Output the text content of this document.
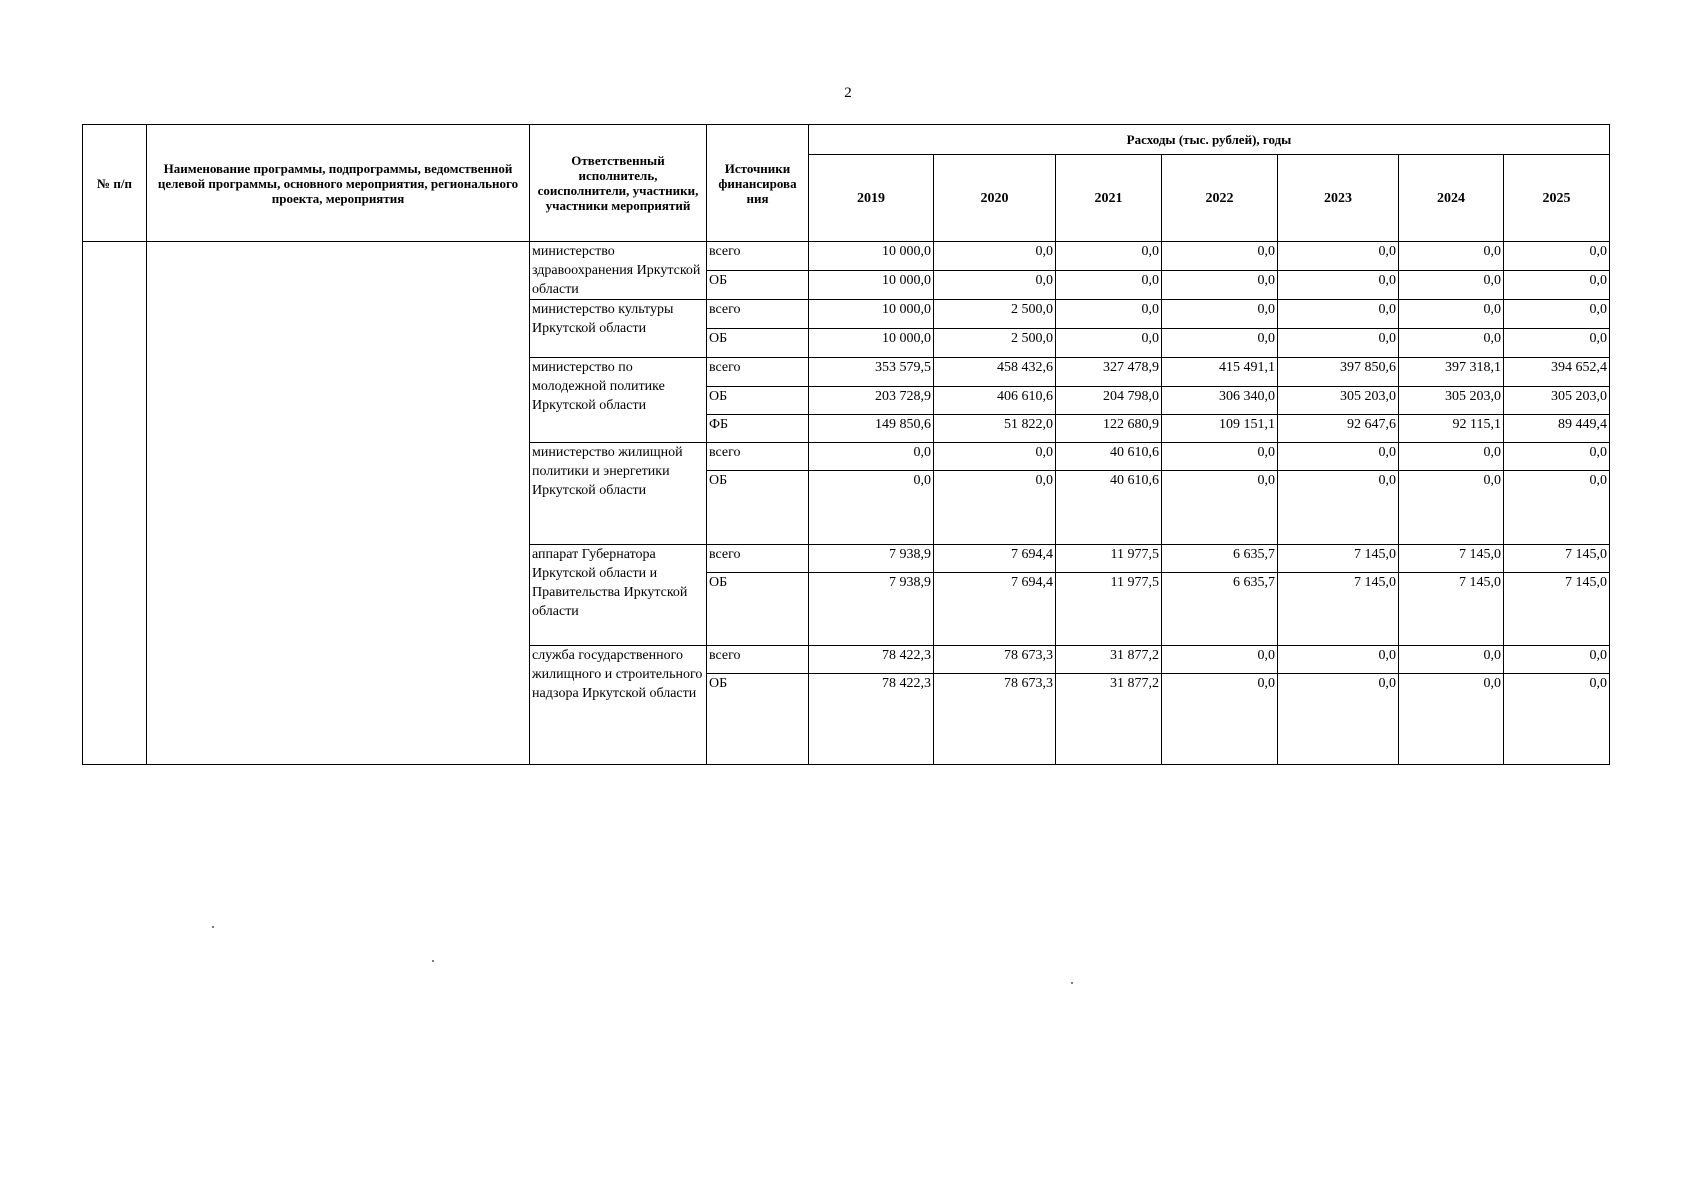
2
№ п/п	Наименование программы, подпрограммы, ведомственной целевой программы, основного мероприятия, регионального проекта, мероприятия	Ответственный исполнитель, соисполнители, участники, участники мероприятий	Источники финансирова ния	Расходы (тыс. рублей), годы						
				2019	2020	2021	2022	2023	2024	2025
		министерство здравоохранения Иркутской области	всего	10 000,0	0,0	0,0	0,0	0,0	0,0	0,0
			ОБ	10 000,0	0,0	0,0	0,0	0,0	0,0	0,0
		министерство культуры Иркутской области	всего	10 000,0	2 500,0	0,0	0,0	0,0	0,0	0,0
			ОБ	10 000,0	2 500,0	0,0	0,0	0,0	0,0	0,0
		министерство по молодежной политике Иркутской области	всего	353 579,5	458 432,6	327 478,9	415 491,1	397 850,6	397 318,1	394 652,4
			ОБ	203 728,9	406 610,6	204 798,0	306 340,0	305 203,0	305 203,0	305 203,0
			ФБ	149 850,6	51 822,0	122 680,9	109 151,1	92 647,6	92 115,1	89 449,4
		министерство жилищной политики и энергетики Иркутской области	всего	0,0	0,0	40 610,6	0,0	0,0	0,0	0,0
			ОБ	0,0	0,0	40 610,6	0,0	0,0	0,0	0,0
		аппарат Губернатора Иркутской области и Правительства Иркутской области	всего	7 938,9	7 694,4	11 977,5	6 635,7	7 145,0	7 145,0	7 145,0
			ОБ	7 938,9	7 694,4	11 977,5	6 635,7	7 145,0	7 145,0	7 145,0
		служба государственного жилищного и строительного надзора Иркутской области	всего	78 422,3	78 673,3	31 877,2	0,0	0,0	0,0	0,0
			ОБ	78 422,3	78 673,3	31 877,2	0,0	0,0	0,0	0,0
